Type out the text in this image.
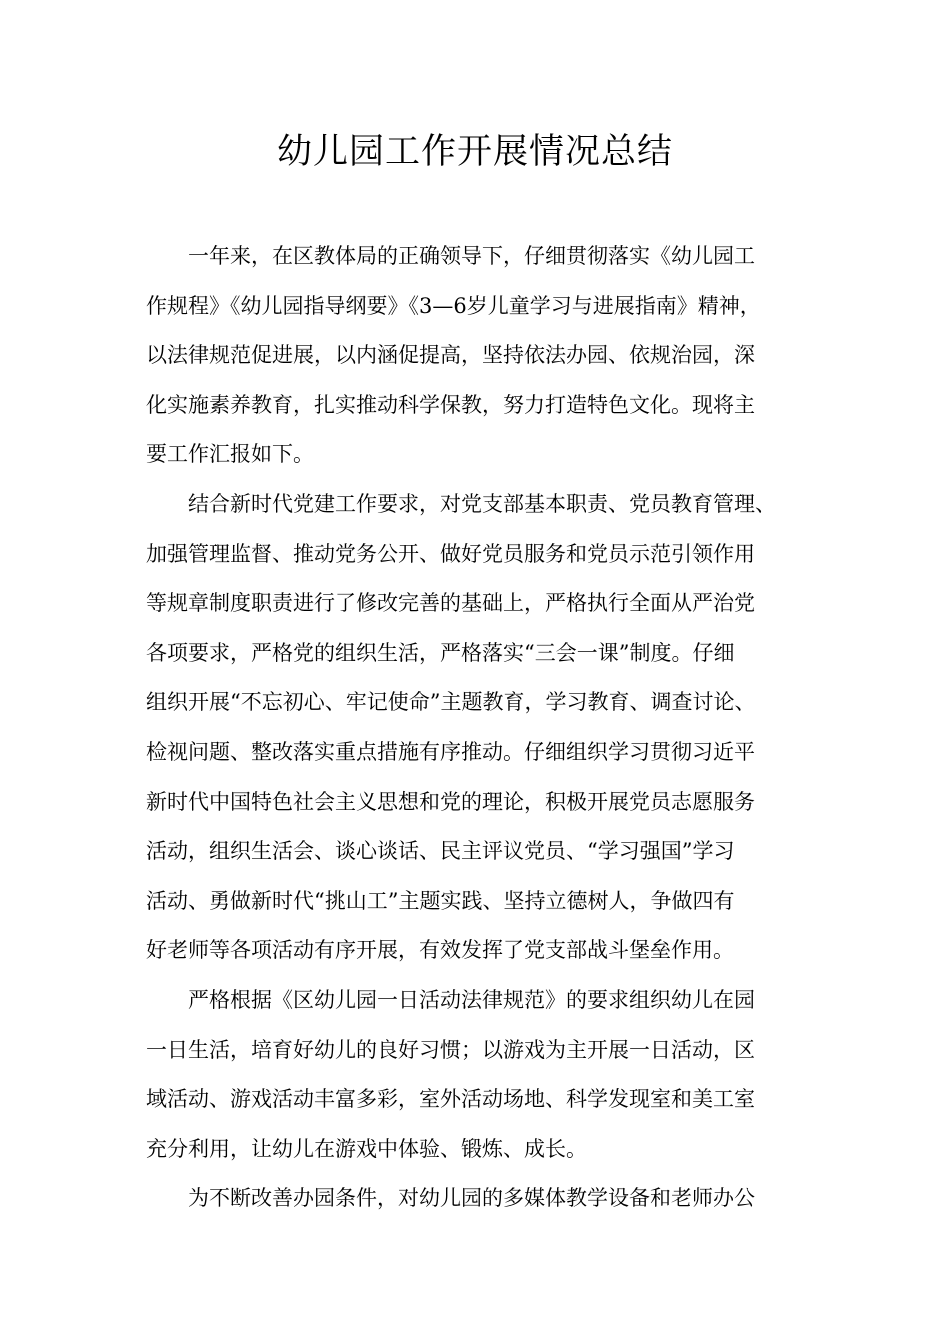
幼儿园工作开展情况总结
一年来，在区教体局的正确领导下，仔细贯彻落实《幼儿园工
作规程》《幼儿园指导纲要》《3—6岁儿童学习与进展指南》精神，
以法律规范促进展，以内涵促提高，坚持依法办园、依规治园，深
化实施素养教育，扎实推动科学保教，努力打造特色文化。现将主
要工作汇报如下。
结合新时代党建工作要求，对党支部基本职责、党员教育管理、
加强管理监督、推动党务公开、做好党员服务和党员示范引领作用
等规章制度职责进行了修改完善的基础上，严格执行全面从严治党
各项要求，严格党的组织生活，严格落实“三会一课”制度。仔细
组织开展“不忘初心、牢记使命”主题教育，学习教育、调查讨论、
检视问题、整改落实重点措施有序推动。仔细组织学习贯彻习近平
新时代中国特色社会主义思想和党的理论，积极开展党员志愿服务
活动，组织生活会、谈心谈话、民主评议党员、“学习强国”学习
活动、勇做新时代“挑山工”主题实践、坚持立德树人，争做四有
好老师等各项活动有序开展，有效发挥了党支部战斗堡垒作用。
严格根据《区幼儿园一日活动法律规范》的要求组织幼儿在园
一日生活，培育好幼儿的良好习惯；以游戏为主开展一日活动，区
域活动、游戏活动丰富多彩，室外活动场地、科学发现室和美工室
充分利用，让幼儿在游戏中体验、锻炼、成长。
为不断改善办园条件，对幼儿园的多媒体教学设备和老师办公
